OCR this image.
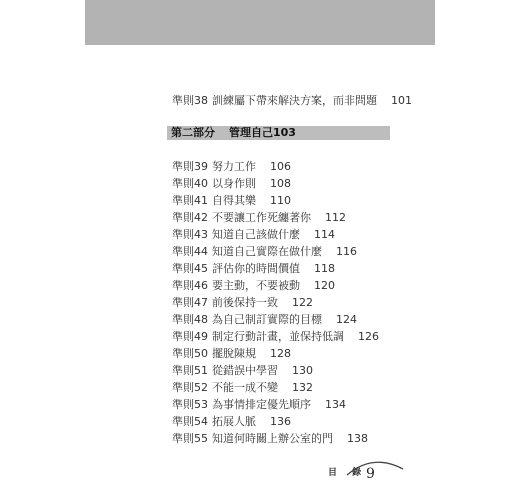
準則38 訓練屬下帶來解決方案，而非問題 101
第二部分 管理自己 103
準則39 努力工作 106
準則40 以身作則 108
準則41 自得其樂 110
準則42 不要讓工作死纏著你 112
準則43 知道自己該做什麼 114
準則44 知道自己實際在做什麼 116
準則45 評估你的時間價值 118
準則46 要主動，不要被動 120
準則47 前後保持一致 122
準則48 為自己制訂實際的目標 124
準則49 制定行動計畫，並保持低調 126
準則50 擺脫陳規 128
準則51 從錯誤中學習 130
準則52 不能一成不變 132
準則53 為事情排定優先順序 134
準則54 拓展人脈 136
準則55 知道何時關上辦公室的門 138
目 錄
9
